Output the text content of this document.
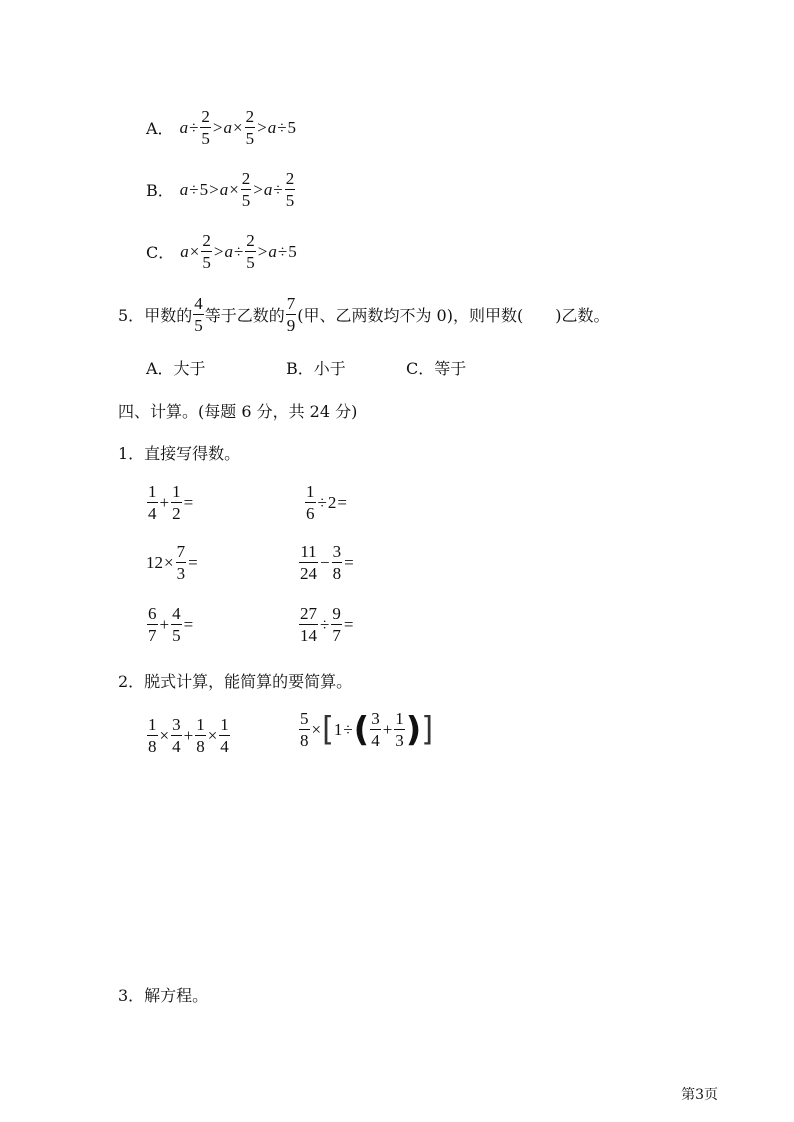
A． $a \div \frac{2}{5} > a \times \frac{2}{5} > a \div 5$
B． $a \div 5 > a \times \frac{2}{5} > a \div \frac{2}{5}$
C． $a \times \frac{2}{5} > a \div \frac{2}{5} > a \div 5$
5． 甲数的 $\frac{4}{5}$ 等于乙数的 $\frac{7}{9}$ (甲、乙两数均不为 0)，则甲数(　　)乙数。
A．大于	B．小于	C．等于
四、计算。(每题 6 分，共 24 分)
1．直接写得数。
$\frac{1}{4} + \frac{1}{2}$ =	$\frac{1}{6} \div 2$ =
$12 \times \frac{7}{3}$ =	$\frac{11}{24} - \frac{3}{8}$ =
$\frac{6}{7} + \frac{4}{5}$ =	$\frac{27}{14} \div \frac{9}{7}$ =
2．脱式计算，能简算的要简算。
$\frac{1}{8} \times \frac{3}{4} + \frac{1}{8} \times \frac{1}{4}$	$\frac{5}{8}$ × [ 1 ÷ ( $\frac{3}{4} + \frac{1}{3}$ ) ]
3．解方程。
第3页
